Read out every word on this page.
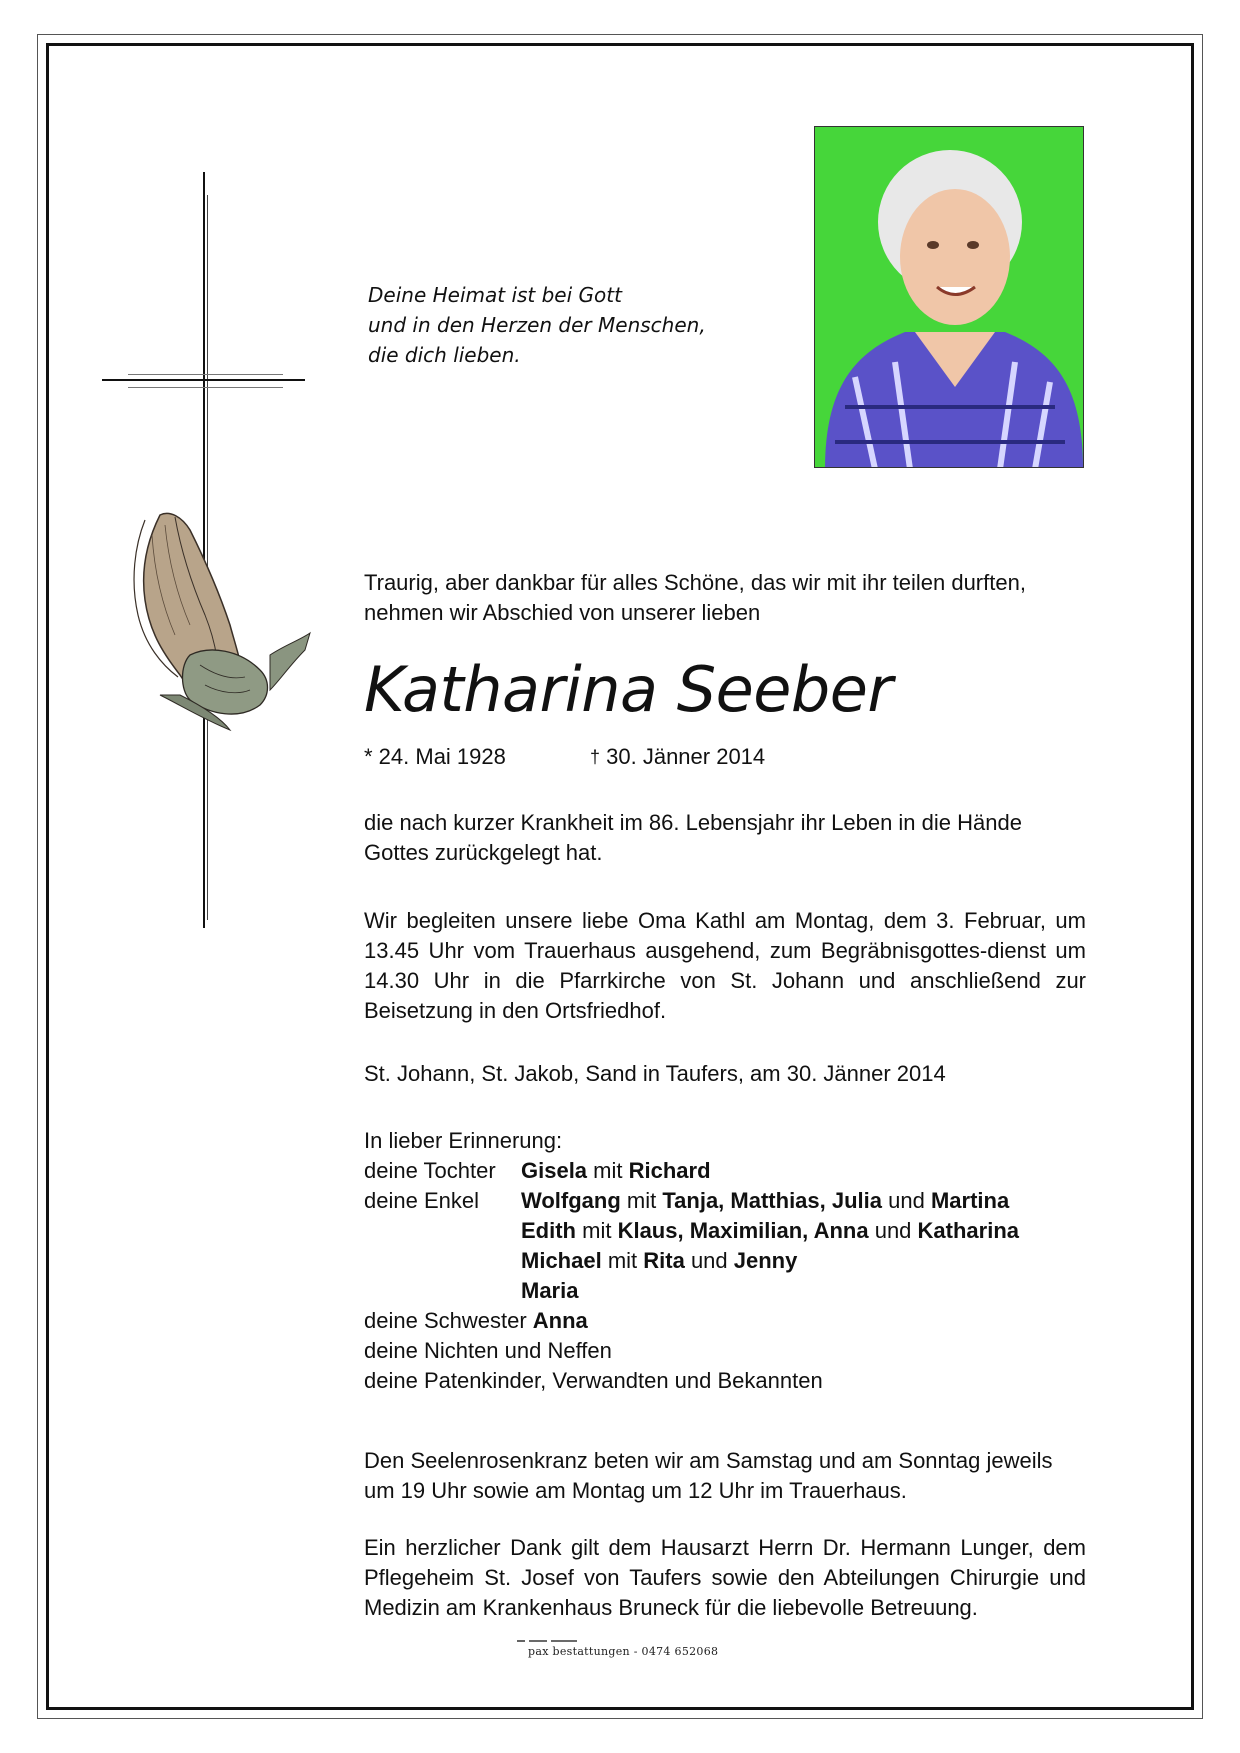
Deine Heimat ist bei Gott
und in den Herzen der Menschen,
die dich lieben.
Traurig, aber dankbar für alles Schöne, das wir mit ihr teilen durften,
nehmen wir Abschied von unserer lieben
Katharina Seeber
* 24. Mai 1928	† 30. Jänner 2014
die nach kurzer Krankheit im 86. Lebensjahr ihr Leben in die Hände Gottes zurückgelegt hat.
Wir begleiten unsere liebe Oma Kathl am Montag, dem 3. Februar, um 13.45 Uhr vom Trauerhaus ausgehend, zum Begräbnisgottes-dienst um 14.30 Uhr in die Pfarrkirche von St. Johann und anschließend zur Beisetzung in den Ortsfriedhof.
St. Johann, St. Jakob, Sand in Taufers, am 30. Jänner 2014
In lieber Erinnerung:
deine Tochter	Gisela mit Richard
deine Enkel	Wolfgang mit Tanja, Matthias, Julia und Martina
Edith mit Klaus, Maximilian, Anna und Katharina
Michael mit Rita und Jenny
Maria
deine Schwester Anna
deine Nichten und Neffen
deine Patenkinder, Verwandten und Bekannten
Den Seelenrosenkranz beten wir am Samstag und am Sonntag jeweils
um 19 Uhr sowie am Montag um 12 Uhr im Trauerhaus.
Ein herzlicher Dank gilt dem Hausarzt Herrn Dr. Hermann Lunger, dem Pflegeheim St. Josef von Taufers sowie den Abteilungen Chirurgie und Medizin am Krankenhaus Bruneck für die liebevolle Betreuung.
pax bestattungen - 0474 652068
